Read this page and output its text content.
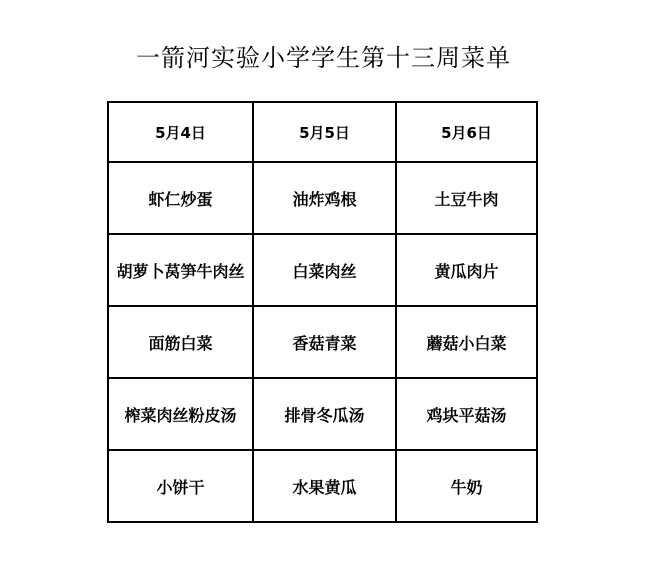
一箭河实验小学学生第十三周菜单
5月4日	5月5日	5月6日
虾仁炒蛋	油炸鸡根	土豆牛肉
胡萝卜莴笋牛肉丝	白菜肉丝	黄瓜肉片
面筋白菜	香菇青菜	蘑菇小白菜
榨菜肉丝粉皮汤	排骨冬瓜汤	鸡块平菇汤
小饼干	水果黄瓜	牛奶
